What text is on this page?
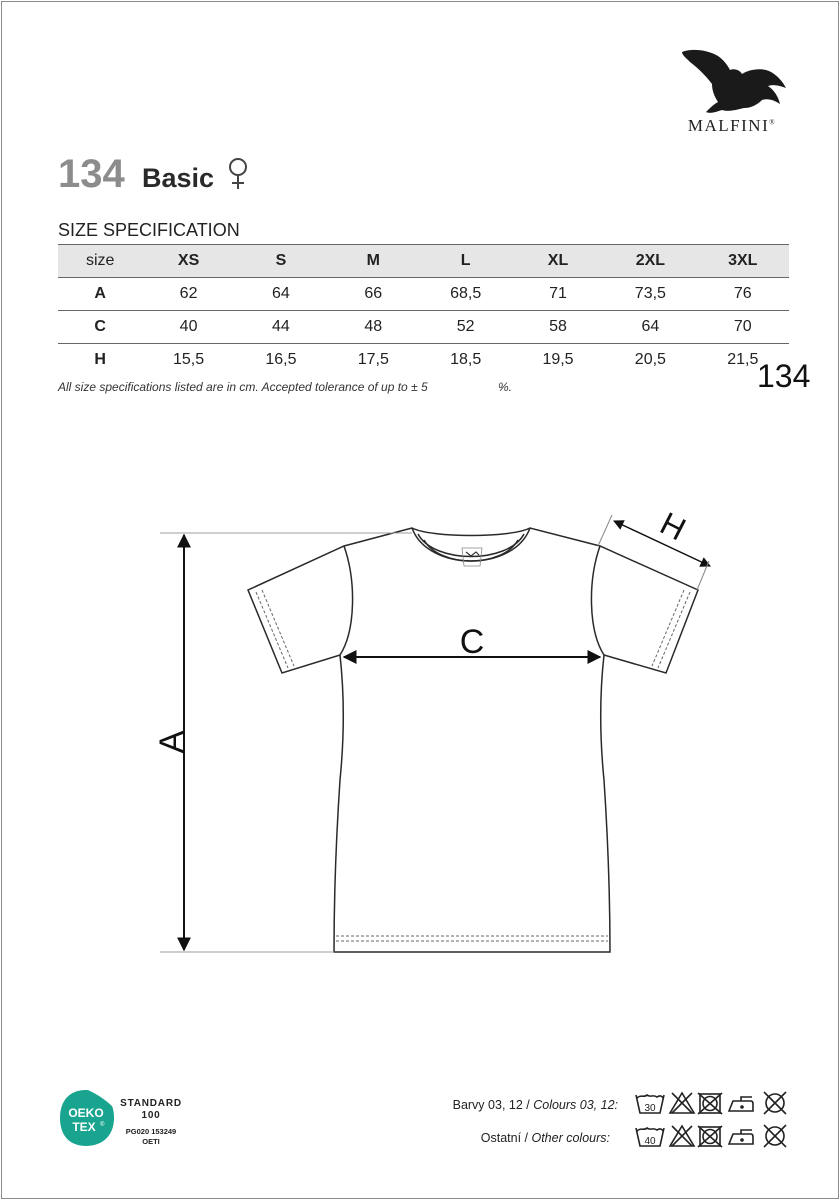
MALFINI®
134 Basic
SIZE SPECIFICATION
size	XS	S	M	L	XL	2XL	3XL
A	62	64	66	68,5	71	73,5	76
C	40	44	48	52	58	64	70
H	15,5	16,5	17,5	18,5	19,5	20,5	21,5
All size specifications listed are in cm. Accepted tolerance of up to ± 5	%.	134
A
C
H
OEKO
TEX ®
STANDARD
100
PG020 153249
OETI
Barvy 03, 12 / Colours 03, 12:
Ostatní / Other colours:
30
40
